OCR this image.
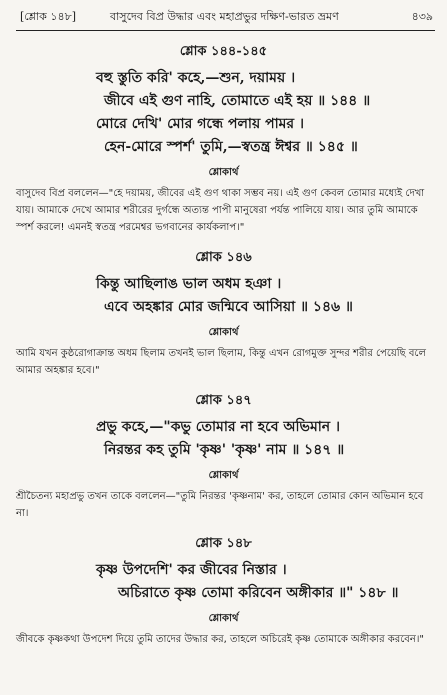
[শ্লোক ১৪৮]	বাসুদেব বিপ্র উদ্ধার এবং মহাপ্রভুর দক্ষিণ-ভারত ভ্রমণ	৪৩৯
শ্লোক ১৪৪-১৪৫
বহু স্তুতি করি' কহে,—শুন, দয়াময় ।
জীবে এই গুণ নাহি, তোমাতে এই হয় ॥ ১৪৪ ॥
মোরে দেখি' মোর গন্ধে পলায় পামর ।
হেন-মোরে স্পর্শ' তুমি,—স্বতন্ত্র ঈশ্বর ॥ ১৪৫ ॥
শ্লোকার্থ
বাসুদেব বিপ্র বললেন—"হে দয়াময়, জীবের এই গুণ থাকা সম্ভব নয়। এই গুণ কেবল তোমার মধ্যেই দেখা যায়। আমাকে দেখে আমার শরীরের দুর্গন্ধে অত্যন্ত পাপী মানুষেরা পর্যন্ত পালিয়ে যায়। আর তুমি আমাকে স্পর্শ করলে! এমনই স্বতন্ত্র পরমেশ্বর ভগবানের কার্যকলাপ।"
শ্লোক ১৪৬
কিন্তু আছিলাঙ ভাল অধম হঞা ।
এবে অহঙ্কার মোর জন্মিবে আসিয়া ॥ ১৪৬ ॥
শ্লোকার্থ
আমি যখন কুষ্ঠরোগাক্রান্ত অধম ছিলাম তখনই ভাল ছিলাম, কিন্তু এখন রোগমুক্ত সুন্দর শরীর পেয়েছি বলে আমার অহঙ্কার হবে।"
শ্লোক ১৪৭
প্রভু কহে,—"কভু তোমার না হবে অভিমান ।
নিরন্তর কহ তুমি 'কৃষ্ণ' 'কৃষ্ণ' নাম ॥ ১৪৭ ॥
শ্লোকার্থ
শ্রীচৈতন্য মহাপ্রভু তখন তাকে বললেন—"তুমি নিরন্তর 'কৃষ্ণনাম' কর, তাহলে তোমার কোন অভিমান হবে না।
শ্লোক ১৪৮
কৃষ্ণ উপদেশি' কর জীবের নিস্তার ।
অচিরাতে কৃষ্ণ তোমা করিবেন অঙ্গীকার ॥" ১৪৮ ॥
শ্লোকার্থ
জীবকে কৃষ্ণকথা উপদেশ দিয়ে তুমি তাদের উদ্ধার কর, তাহলে অচিরেই কৃষ্ণ তোমাকে অঙ্গীকার করবেন।"
